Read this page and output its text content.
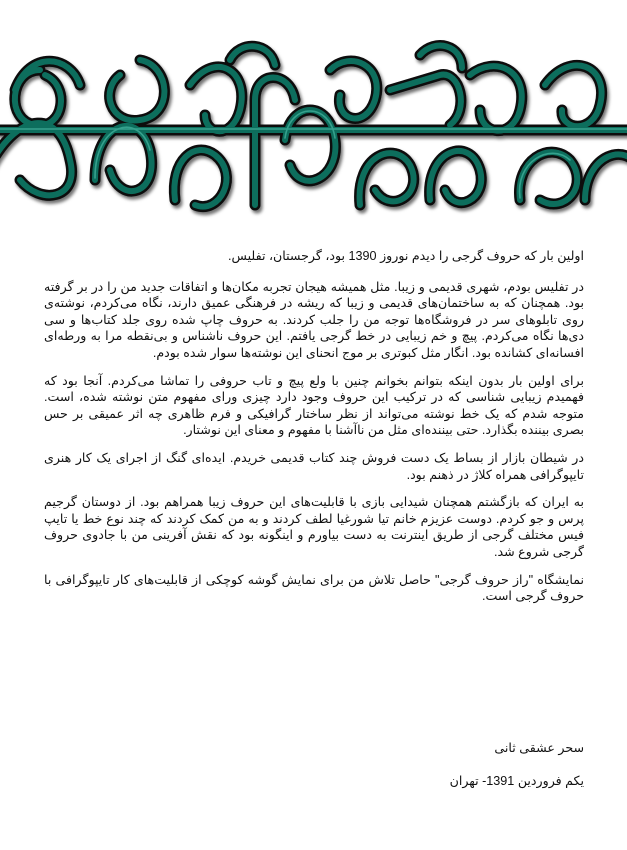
اولین بار که حروف گرجی را دیدم نوروز 1390 بود، گرجستان، تفلیس.

در تفلیس بودم، شهری قدیمی و زیبا. مثل همیشه هیجان تجربه مکان‌ها و اتفاقات جدید من را در بر گرفته بود. همچنان که به ساختمان‌های قدیمی و زیبا که ریشه در فرهنگی عمیق دارند، نگاه می‌کردم، نوشته‌ی روی تابلوهای سر در فروشگاه‌ها توجه من را جلب کردند. به حروف چاپ شده روی جلد کتاب‌ها و سی دی‌ها نگاه می‌کردم. پیچ و خم زیبایی در خط گرجی یافتم. این حروف ناشناس و بی‌نقطه مرا به ورطه‌ای افسانه‌ای کشانده بود. انگار مثل کبوتری بر موج انحنای این نوشته‌ها سوار شده بودم.

برای اولین بار بدون اینکه بتوانم بخوانم چنین با ولع پیچ و تاب حروفی را تماشا می‌کردم. آنجا بود که فهمیدم زیبایی شناسی که در ترکیب این حروف وجود دارد چیزی ورای مفهوم متن نوشته شده، است. متوجه شدم که یک خط نوشته می‌تواند از نظر ساختار گرافیکی و فرم ظاهری چه اثر عمیقی بر حس بصری بیننده بگذارد. حتی بیننده‌ای مثل من ناآشنا با مفهوم و معنای این نوشتار.

در شیطان بازار از بساط یک دست فروش چند کتاب قدیمی خریدم. ایده‌ای گنگ از اجرای یک کار هنری تایپوگرافی همراه کلاژ در ذهنم بود.

به ایران که بازگشتم همچنان شیدایی بازی با قابلیت‌های این حروف زیبا همراهم بود. از دوستان گرجیم پرس و جو کردم. دوست عزیزم خانم تیا شورغیا لطف کردند و به من کمک کردند که چند نوع خط یا تایپ فیس مختلف گرجی از طریق اینترنت به دست بیاورم و اینگونه بود که نقش آفرینی من با جادوی حروف گرجی شروع شد.

نمایشگاه "راز حروف گرجی" حاصل تلاش من برای نمایش گوشه کوچکی از قابلیت‌های کار تایپوگرافی با حروف گرجی است.

سحر عشقی ثانی

یکم فروردین 1391- تهران
